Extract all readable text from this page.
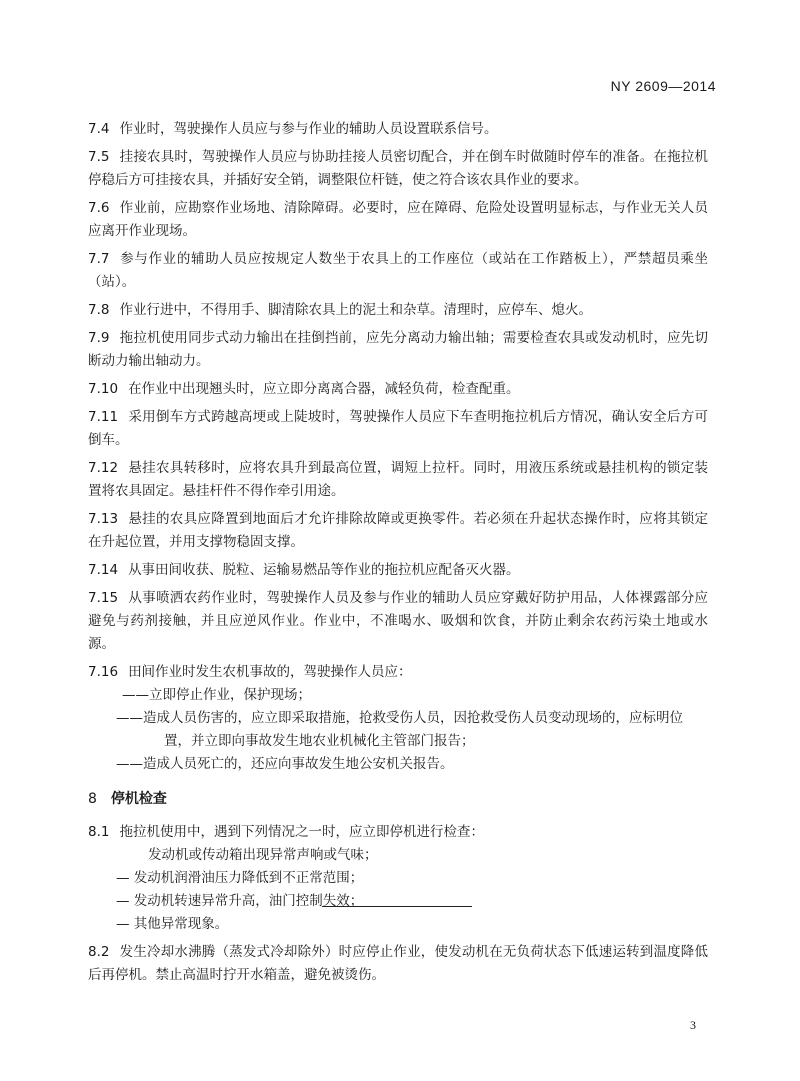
NY 2609—2014

7.4 作业时，驾驶操作人员应与参与作业的辅助人员设置联系信号。

7.5 挂接农具时，驾驶操作人员应与协助挂接人员密切配合，并在倒车时做随时停车的准备。在拖拉机停稳后方可挂接农具，并插好安全销，调整限位杆链，使之符合该农具作业的要求。

7.6 作业前，应勘察作业场地、清除障碍。必要时，应在障碍、危险处设置明显标志，与作业无关人员应离开作业现场。

7.7 参与作业的辅助人员应按规定人数坐于农具上的工作座位（或站在工作踏板上），严禁超员乘坐（站）。

7.8 作业行进中，不得用手、脚清除农具上的泥土和杂草。清理时，应停车、熄火。

7.9 拖拉机使用同步式动力输出在挂倒挡前，应先分离动力输出轴；需要检查农具或发动机时，应先切断动力输出轴动力。

7.10 在作业中出现翘头时，应立即分离离合器，减轻负荷，检查配重。

7.11 采用倒车方式跨越高埂或上陡坡时，驾驶操作人员应下车查明拖拉机后方情况，确认安全后方可倒车。

7.12 悬挂农具转移时，应将农具升到最高位置，调短上拉杆。同时，用液压系统或悬挂机构的锁定装置将农具固定。悬挂杆件不得作牵引用途。

7.13 悬挂的农具应降置到地面后才允许排除故障或更换零件。若必须在升起状态操作时，应将其锁定在升起位置，并用支撑物稳固支撑。

7.14 从事田间收获、脱粒、运输易燃品等作业的拖拉机应配备灭火器。

7.15 从事喷洒农药作业时，驾驶操作人员及参与作业的辅助人员应穿戴好防护用品，人体裸露部分应避免与药剂接触，并且应逆风作业。作业中，不准喝水、吸烟和饮食，并防止剩余农药污染土地或水源。

7.16 田间作业时发生农机事故的，驾驶操作人员应：

——立即停止作业，保护现场；
——造成人员伤害的，应立即采取措施，抢救受伤人员，因抢救受伤人员变动现场的，应标明位置，并立即向事故发生地农业机械化主管部门报告；
——造成人员死亡的，还应向事故发生地公安机关报告。
8 停机检查

8.1 拖拉机使用中，遇到下列情况之一时，应立即停机进行检查：

发动机或传动箱出现异常声响或气味；
— 发动机润滑油压力降低到不正常范围；
— 发动机转速异常升高，油门控制失效；
— 其他异常现象。

8.2 发生冷却水沸腾（蒸发式冷却除外）时应停止作业，使发动机在无负荷状态下低速运转到温度降低后再停机。禁止高温时拧开水箱盖，避免被烫伤。

3
